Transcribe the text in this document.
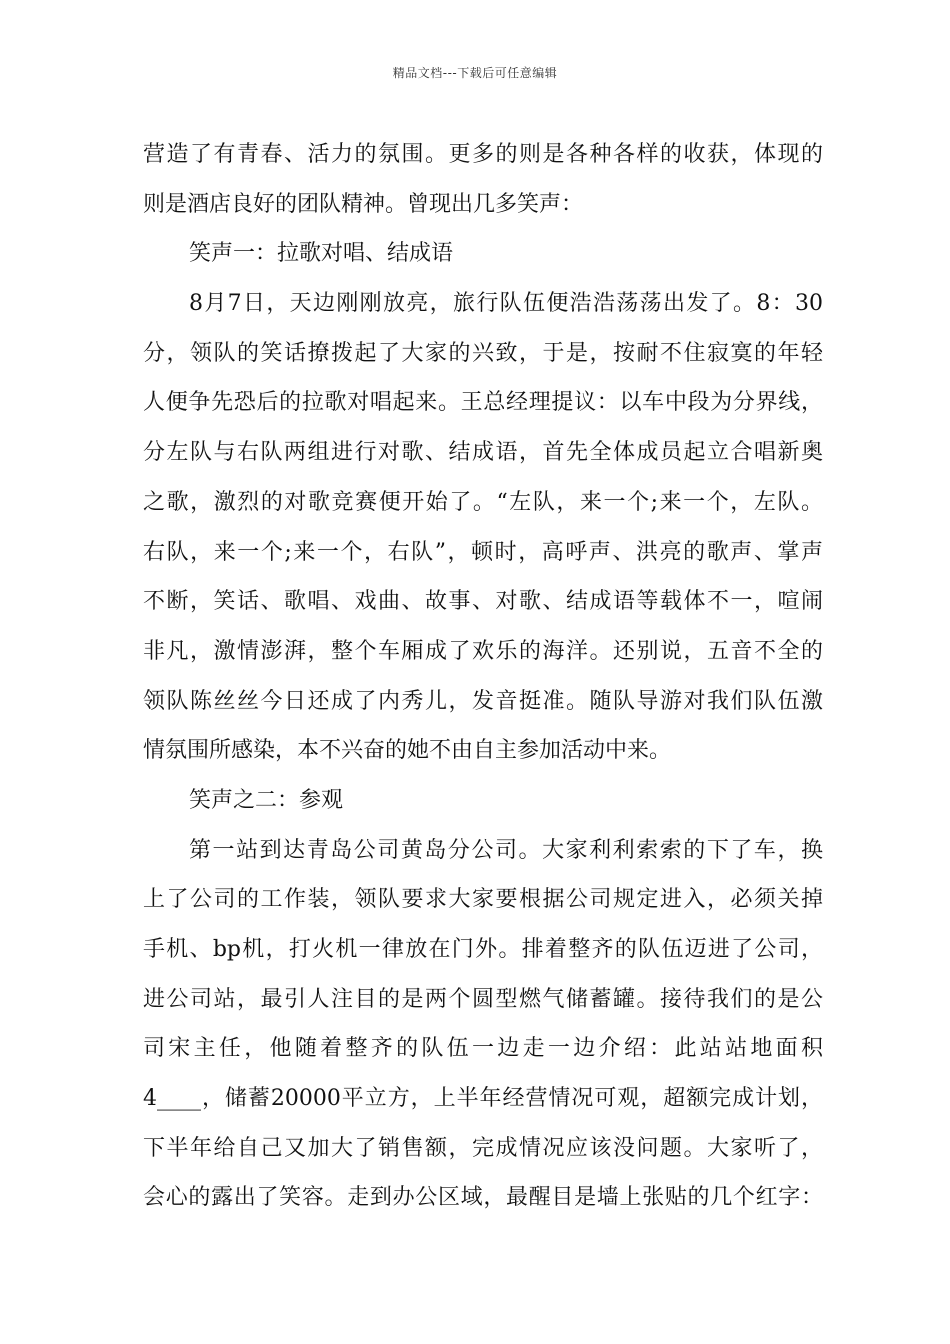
精品文档---下载后可任意编辑
营造了有青春、活力的氛围。更多的则是各种各样的收获，体现的
则是酒店良好的团队精神。曾现出几多笑声：
笑声一：拉歌对唱、结成语
8月7日，天边刚刚放亮，旅行队伍便浩浩荡荡出发了。8：30
分，领队的笑话撩拨起了大家的兴致，于是，按耐不住寂寞的年轻
人便争先恐后的拉歌对唱起来。王总经理提议：以车中段为分界线，
分左队与右队两组进行对歌、结成语，首先全体成员起立合唱新奥
之歌，激烈的对歌竞赛便开始了。“左队，来一个;来一个，左队。
右队，来一个;来一个，右队”，顿时，高呼声、洪亮的歌声、掌声
不断，笑话、歌唱、戏曲、故事、对歌、结成语等载体不一，喧闹
非凡，激情澎湃，整个车厢成了欢乐的海洋。还别说，五音不全的
领队陈丝丝今日还成了内秀儿，发音挺准。随队导游对我们队伍激
情氛围所感染，本不兴奋的她不由自主参加活动中来。
笑声之二：参观
第一站到达青岛公司黄岛分公司。大家利利索索的下了车，换
上了公司的工作装，领队要求大家要根据公司规定进入，必须关掉
手机、bp机，打火机一律放在门外。排着整齐的队伍迈进了公司，
进公司站，最引人注目的是两个圆型燃气储蓄罐。接待我们的是公
司宋主任，他随着整齐的队伍一边走一边介绍：此站站地面积
4____，储蓄20000平立方，上半年经营情况可观，超额完成计划，
下半年给自己又加大了销售额，完成情况应该没问题。大家听了，
会心的露出了笑容。走到办公区域，最醒目是墙上张贴的几个红字：
